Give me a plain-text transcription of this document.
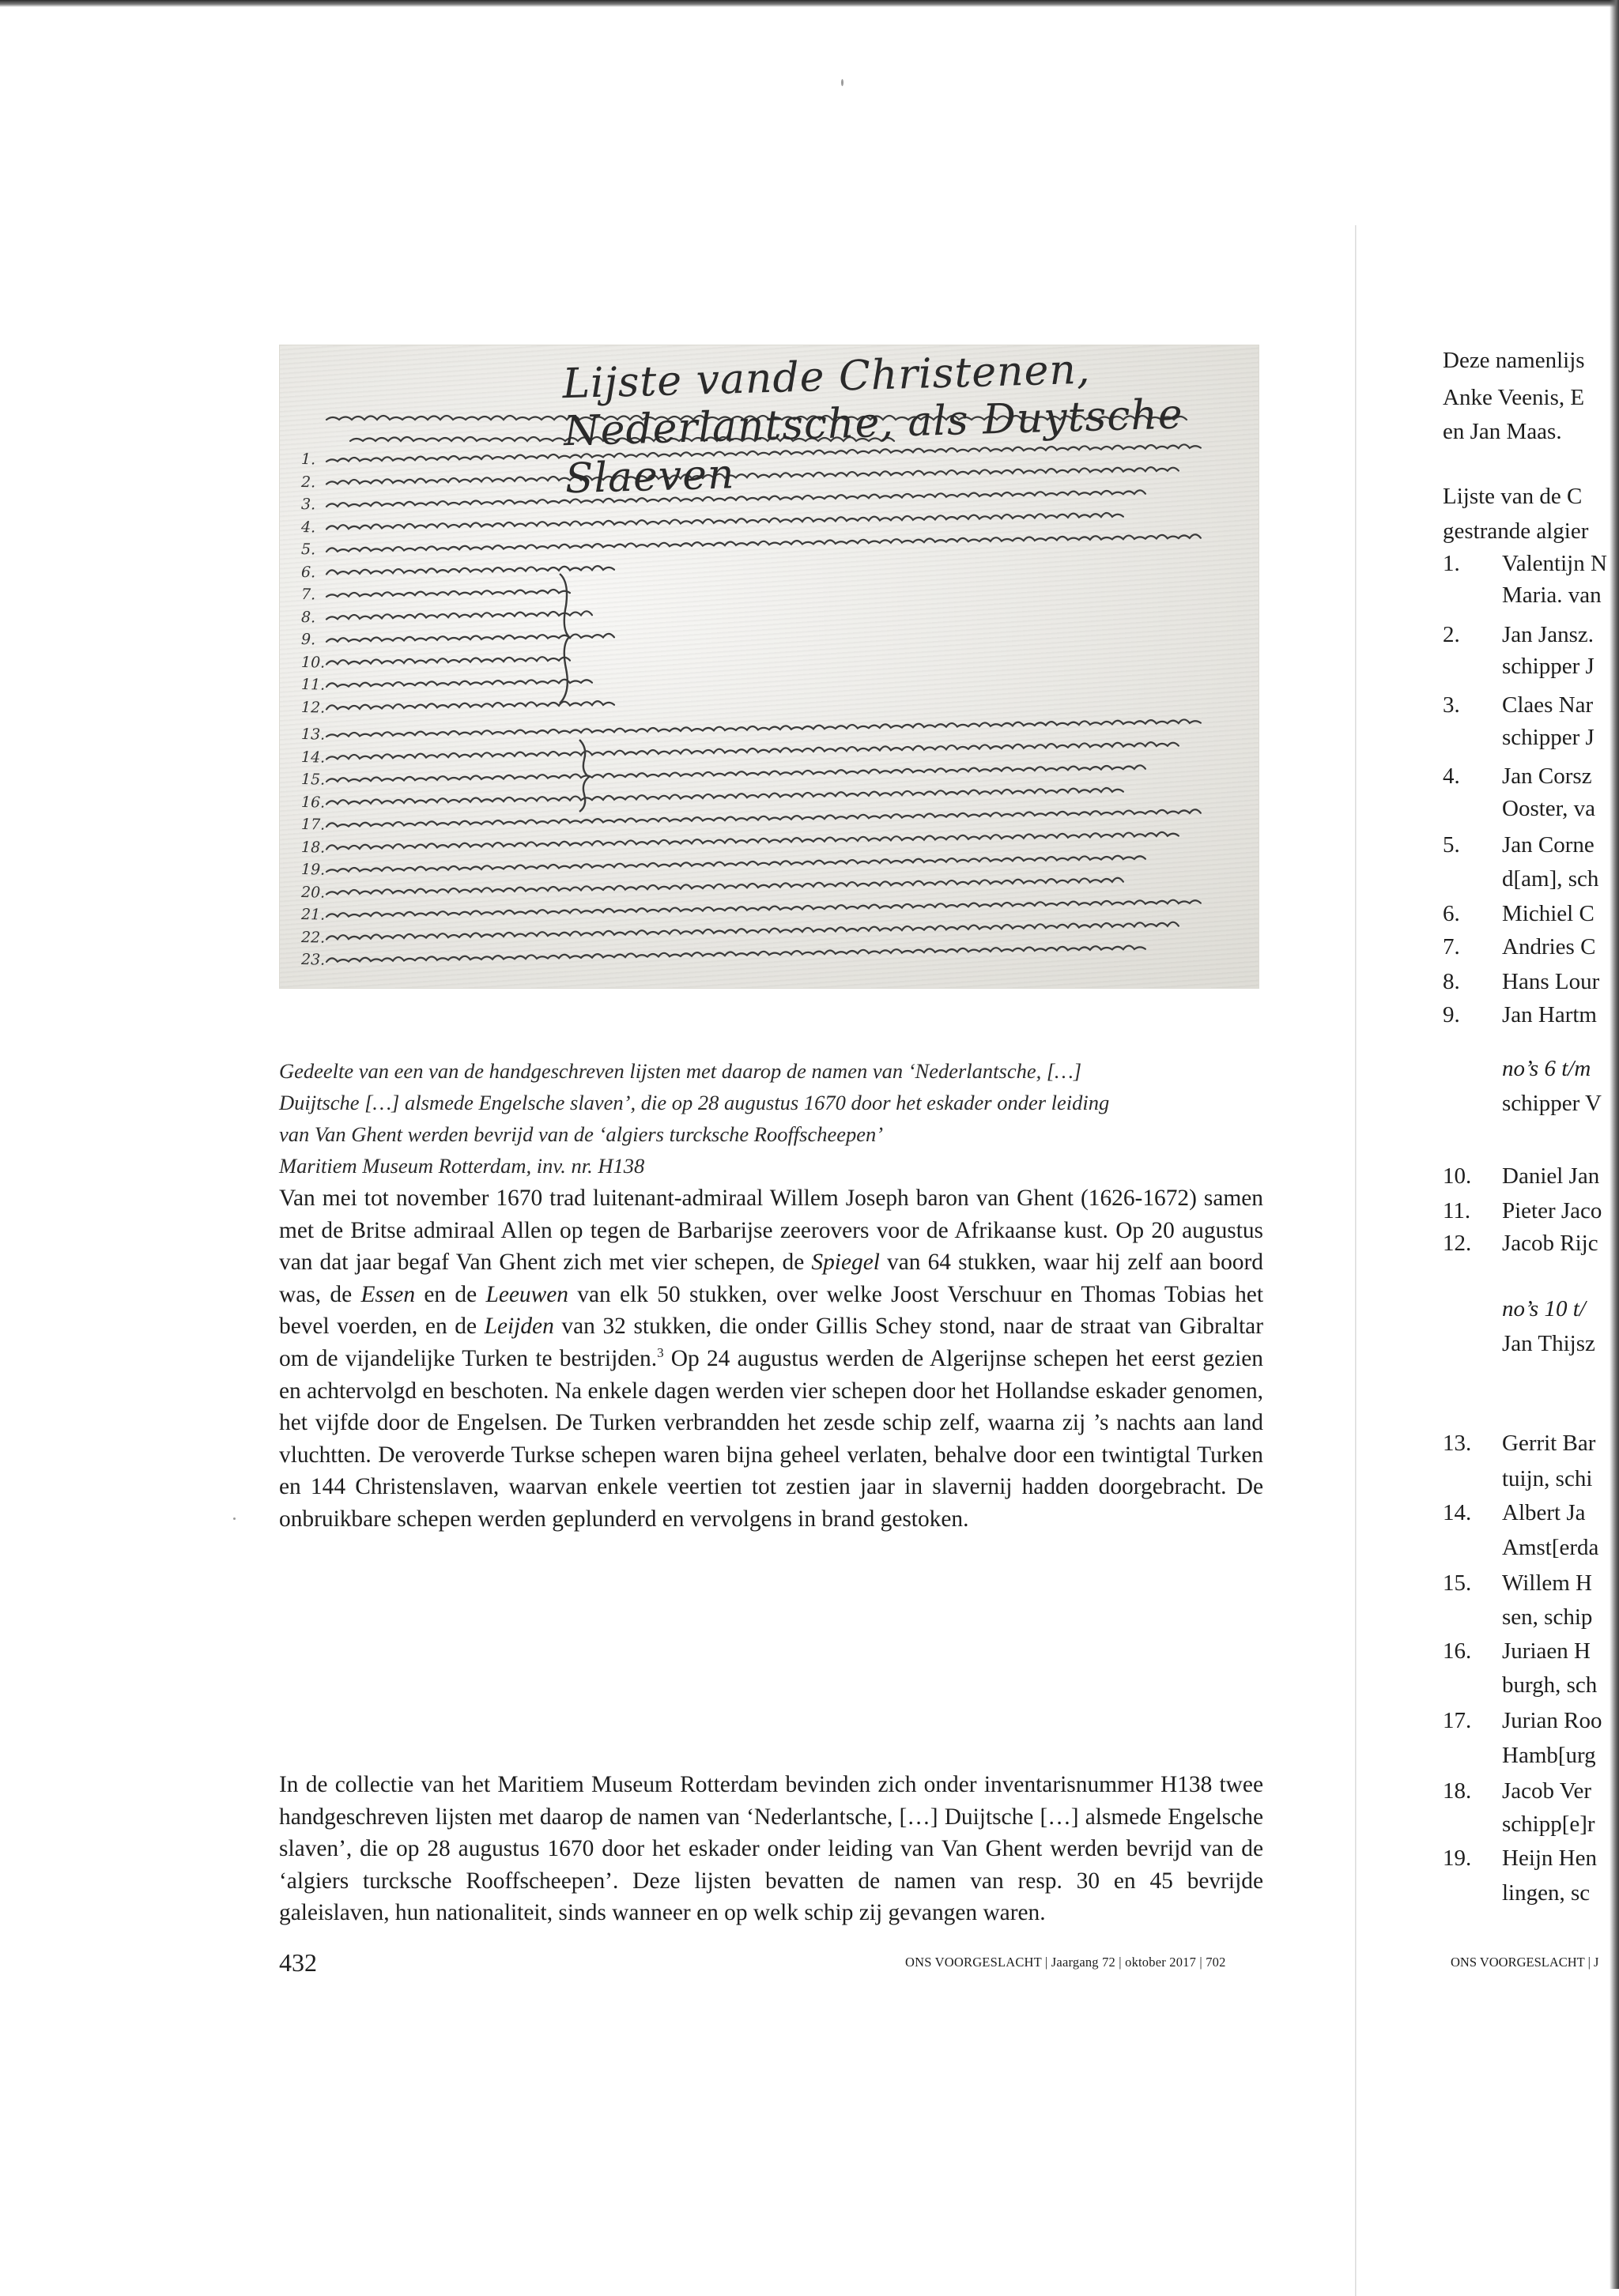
Lijste vande Christenen, Nederlantsche, als Duytsche Slaeven
1.
2.
3.
4.
5.
6.
7.
8.
9.
10.
11.
12.
13.
14.
15.
16.
17.
18.
19.
20.
21.
22.
23.
Gedeelte van een van de handgeschreven lijsten met daarop de namen van ‘Nederlantsche, […]
Duijtsche […] alsmede Engelsche slaven’, die op 28 augustus 1670 door het eskader onder leiding
van Van Ghent werden bevrijd van de ‘algiers turcksche Rooffscheepen’
Maritiem Museum Rotterdam, inv. nr. H138

Van mei tot november 1670 trad luitenant-admiraal Willem Joseph baron van Ghent (1626-1672) samen met de Britse admiraal Allen op tegen de Barbarijse zeerovers voor de Afrikaanse kust. Op 20 augustus van dat jaar begaf Van Ghent zich met vier schepen, de Spiegel van 64 stukken, waar hij zelf aan boord was, de Essen en de Leeuwen van elk 50 stukken, over welke Joost Verschuur en Thomas Tobias het bevel voerden, en de Leijden van 32 stukken, die onder Gillis Schey stond, naar de straat van Gibraltar om de vijandelijke Turken te bestrijden.$^3$ Op 24 augustus werden de Algerijnse schepen het eerst gezien en achtervolgd en beschoten. Na enkele dagen werden vier schepen door het Hollandse eskader genomen, het vijfde door de Engelsen. De Turken verbrandden het zesde schip zelf, waarna zij ’s nachts aan land vluchtten. De veroverde Turkse schepen waren bijna geheel verlaten, behalve door een twintigtal Turken en 144 Christenslaven, waarvan enkele veertien tot zestien jaar in slavernij hadden doorgebracht. De onbruikbare schepen werden geplunderd en vervolgens in brand gestoken.

In de collectie van het Maritiem Museum Rotterdam bevinden zich onder inventarisnummer H138 twee handgeschreven lijsten met daarop de namen van ‘Nederlantsche, […] Duijtsche […] alsmede Engelsche slaven’, die op 28 augustus 1670 door het eskader onder leiding van Van Ghent werden bevrijd van de ‘algiers turcksche Rooffscheepen’. Deze lijsten bevatten de namen van resp. 30 en 45 bevrijde galeislaven, hun nationaliteit, sinds wanneer en op welk schip zij gevangen waren.

432	ONS VOORGESLACHT | Jaargang 72 | oktober 2017 | 702	ONS VOORGESLACHT | J
Deze namenlijs
Anke Veenis, E
en Jan Maas.
Lijste van de C
gestrande algier
1. Valentijn N
2. Jan Jansz.
3. Claes Nar
4. Jan Corsz
5. Jan Corne
6. Michiel C
7. Andries C
8. Hans Lour
9. Jan Hartm
10. Daniel Jan
11. Pieter Jaco
12. Jacob Rijc
13. Gerrit Bar
14. Albert Ja
15. Willem H
16. Juriaen H
17. Jurian Roo
18. Jacob Ver
19. Heijn Hen
Maria. van
schipper J
schipper J
Ooster, va
d[am], sch
no’s 6 t/m
schipper V
no’s 10 t/
Jan Thijsz
tuijn, schi
Amst[erda
sen, schip
burgh, sch
Hamb[urg
schipp[e]r
lingen, sc
